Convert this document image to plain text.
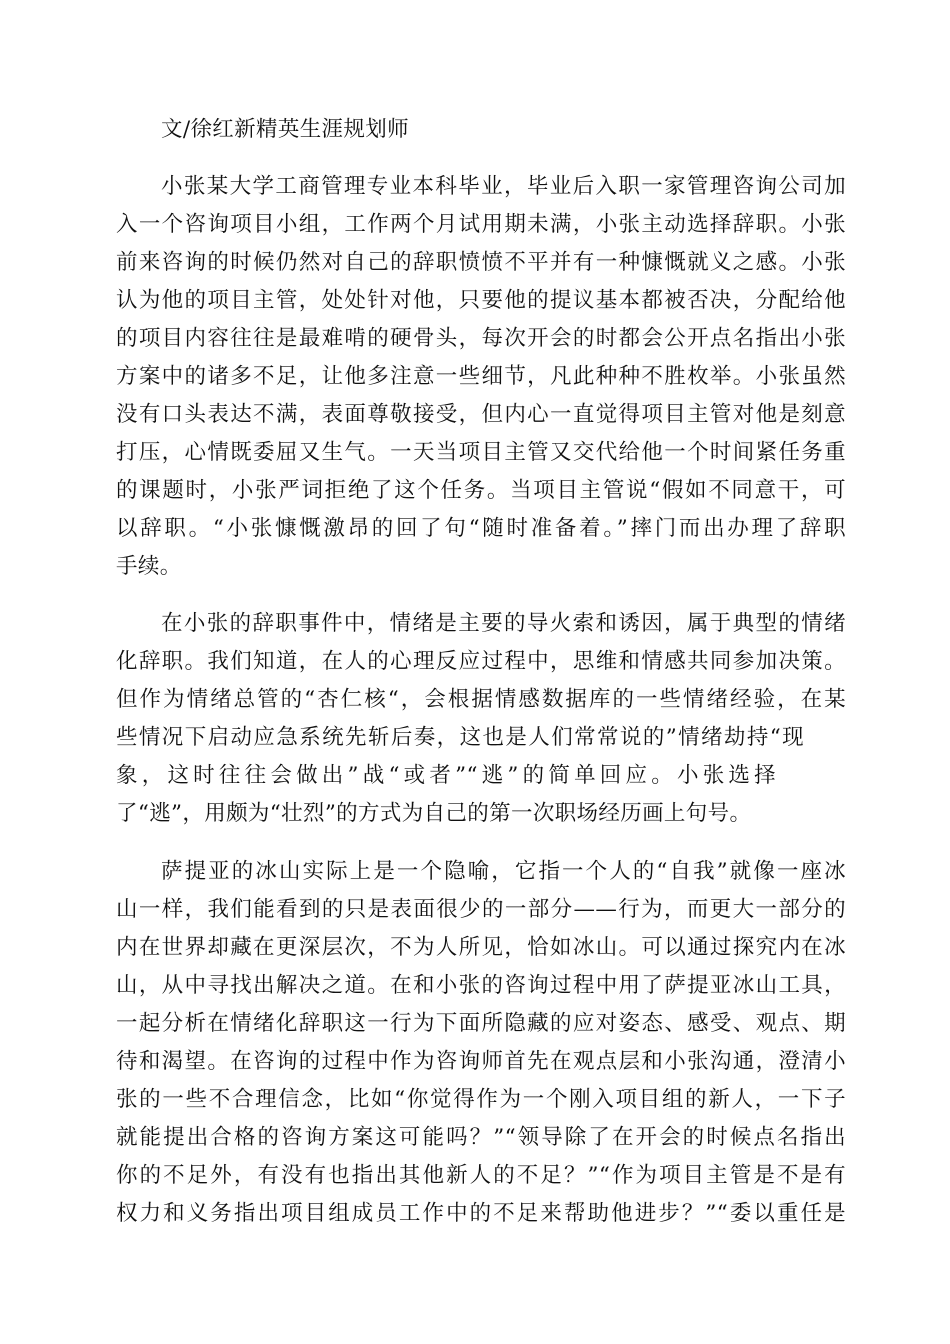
文/徐红新精英生涯规划师

小张某大学工商管理专业本科毕业，毕业后入职一家管理咨询公司加

入一个咨询项目小组，工作两个月试用期未满，小张主动选择辞职。小张

前来咨询的时候仍然对自己的辞职愤愤不平并有一种慷慨就义之感。小张

认为他的项目主管，处处针对他，只要他的提议基本都被否决，分配给他

的项目内容往往是最难啃的硬骨头，每次开会的时都会公开点名指出小张

方案中的诸多不足，让他多注意一些细节，凡此种种不胜枚举。小张虽然

没有口头表达不满，表面尊敬接受，但内心一直觉得项目主管对他是刻意

打压，心情既委屈又生气。一天当项目主管又交代给他一个时间紧任务重

的课题时，小张严词拒绝了这个任务。当项目主管说“假如不同意干，可

以辞职。“小张慷慨激昂的回了句“随时准备着。”摔门而出办理了辞职

手续。

在小张的辞职事件中，情绪是主要的导火索和诱因，属于典型的情绪

化辞职。我们知道，在人的心理反应过程中，思维和情感共同参加决策。

但作为情绪总管的“杏仁核“，会根据情感数据库的一些情绪经验，在某

些情况下启动应急系统先斩后奏，这也是人们常常说的”情绪劫持“现

象，这时往往会做出”战“或者”“逃”的简单回应。小张选择

了“逃”，用颇为“壮烈”的方式为自己的第一次职场经历画上句号。

萨提亚的冰山实际上是一个隐喻，它指一个人的“自我”就像一座冰

山一样，我们能看到的只是表面很少的一部分——行为，而更大一部分的

内在世界却藏在更深层次，不为人所见，恰如冰山。可以通过探究内在冰

山，从中寻找出解决之道。在和小张的咨询过程中用了萨提亚冰山工具，

一起分析在情绪化辞职这一行为下面所隐藏的应对姿态、感受、观点、期

待和渴望。在咨询的过程中作为咨询师首先在观点层和小张沟通，澄清小

张的一些不合理信念，比如“你觉得作为一个刚入项目组的新人，一下子

就能提出合格的咨询方案这可能吗？”“领导除了在开会的时候点名指出

你的不足外，有没有也指出其他新人的不足？”“作为项目主管是不是有

权力和义务指出项目组成员工作中的不足来帮助他进步？”“委以重任是
